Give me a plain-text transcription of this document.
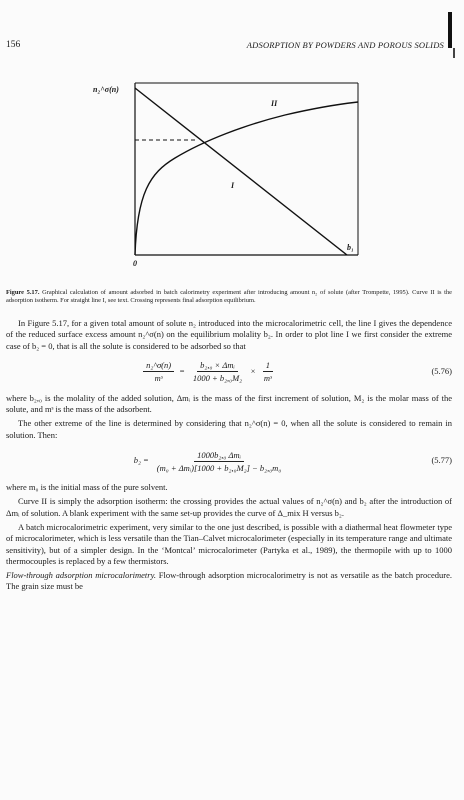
156	ADSORPTION BY POWDERS AND POROUS SOLIDS
n₂^σ(n)
0
II
I
b₁
Figure 5.17. Graphical calculation of amount adsorbed in batch calorimetry experiment after introducing amount n₂ of solute (after Trompette, 1995). Curve II is the adsorption isotherm. For straight line I, see text. Crossing represents final adsorption equilibrium.

In Figure 5.17, for a given total amount of solute n₂ introduced into the microcalorimetric cell, the line I gives the dependence of the reduced surface excess amount n₂^σ(n) on the equilibrium molality b₂. In order to plot line I we first consider the extreme case of b₂ = 0, that is all the solute is considered to be adsorbed so that

$\frac{\text{n₂\textasciicircum{}σ(n)}}{\text{mˢ}} = \frac{\text{b₂,₀ × Δmᵢ}}{\text{1000 + b₂,₀M₂}} \times \frac{1}{\text{mˢ}}$	(5.76)

where b₂,₀ is the molality of the added solution, Δmᵢ is the mass of the first increment of solution, M₂ is the molar mass of the solute, and mˢ is the mass of the adsorbent.

The other extreme of the line is determined by considering that n₂^σ(n) = 0, when all the solute is considered to remain in solution. Then:

$b_2 = \frac{\text{1000b₂,₀ Δmᵢ}}{\text{(m₀ + Δmᵢ)[1000 + b₂,₀M₂] − b₂,₀m₀}}$	(5.77)

where m₀ is the initial mass of the pure solvent.

Curve II is simply the adsorption isotherm: the crossing provides the actual values of n₂^σ(n) and b₂ after the introduction of Δmᵢ of solution. A blank experiment with the same set-up provides the curve of Δ_mix H versus b₂.

A batch microcalorimetric experiment, very similar to the one just described, is possible with a diathermal heat flowmeter type of microcalorimeter, which is less versatile than the Tian–Calvet microcalorimeter (especially in its temperature range and ultimate sensitivity), but of a simpler design. In the ‘Montcal’ microcalorimeter (Partyka et al., 1989), the thermopile with up to 1000 thermocouples is replaced by a few thermistors.

Flow-through adsorption microcalorimetry. Flow-through adsorption microcalorimetry is not as versatile as the batch procedure. The grain size must be
